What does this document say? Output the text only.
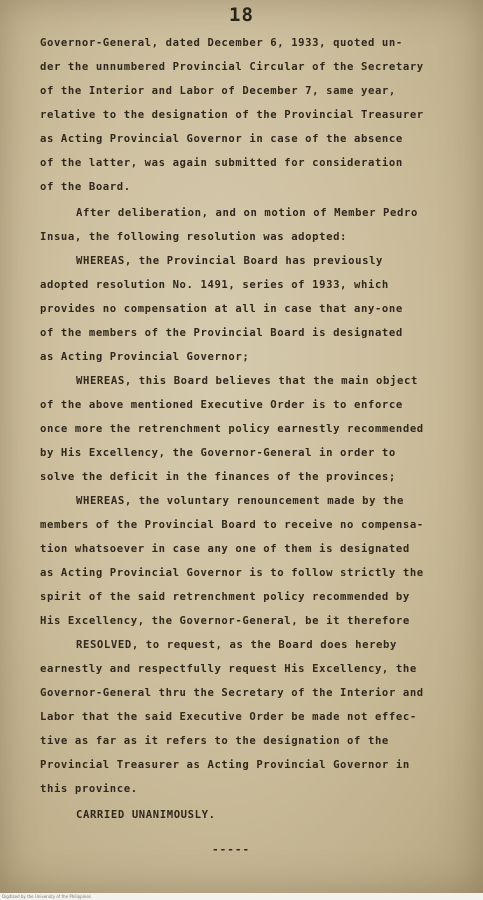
18
Governor-General, dated December 6, 1933, quoted un-
der the unnumbered Provincial Circular of the Secretary
of the Interior and Labor of December 7, same year,
relative to the designation of the Provincial Treasurer
as Acting Provincial Governor in case of the absence
of the latter, was again submitted for consideration
of the Board.
After deliberation, and on motion of Member Pedro
Insua, the following resolution was adopted:
WHEREAS, the Provincial Board has previously
adopted resolution No. 1491, series of 1933, which
provides no compensation at all in case that any-one
of the members of the Provincial Board is designated
as Acting Provincial Governor;
WHEREAS, this Board believes that the main object
of the above mentioned Executive Order is to enforce
once more the retrenchment policy earnestly recommended
by His Excellency, the Governor-General in order to
solve the deficit in the finances of the provinces;
WHEREAS, the voluntary renouncement made by the
members of the Provincial Board to receive no compensa-
tion whatsoever in case any one of them is designated
as Acting Provincial Governor is to follow strictly the
spirit of the said retrenchment policy recommended by
His Excellency, the Governor-General, be it therefore
RESOLVED, to request, as the Board does hereby
earnestly and respectfully request His Excellency, the
Governor-General thru the Secretary of the Interior and
Labor that the said Executive Order be made not effec-
tive as far as it refers to the designation of the
Provincial Treasurer as Acting Provincial Governor in
this province.
CARRIED UNANIMOUSLY.
-----
Digitized by the University of the Philippines
